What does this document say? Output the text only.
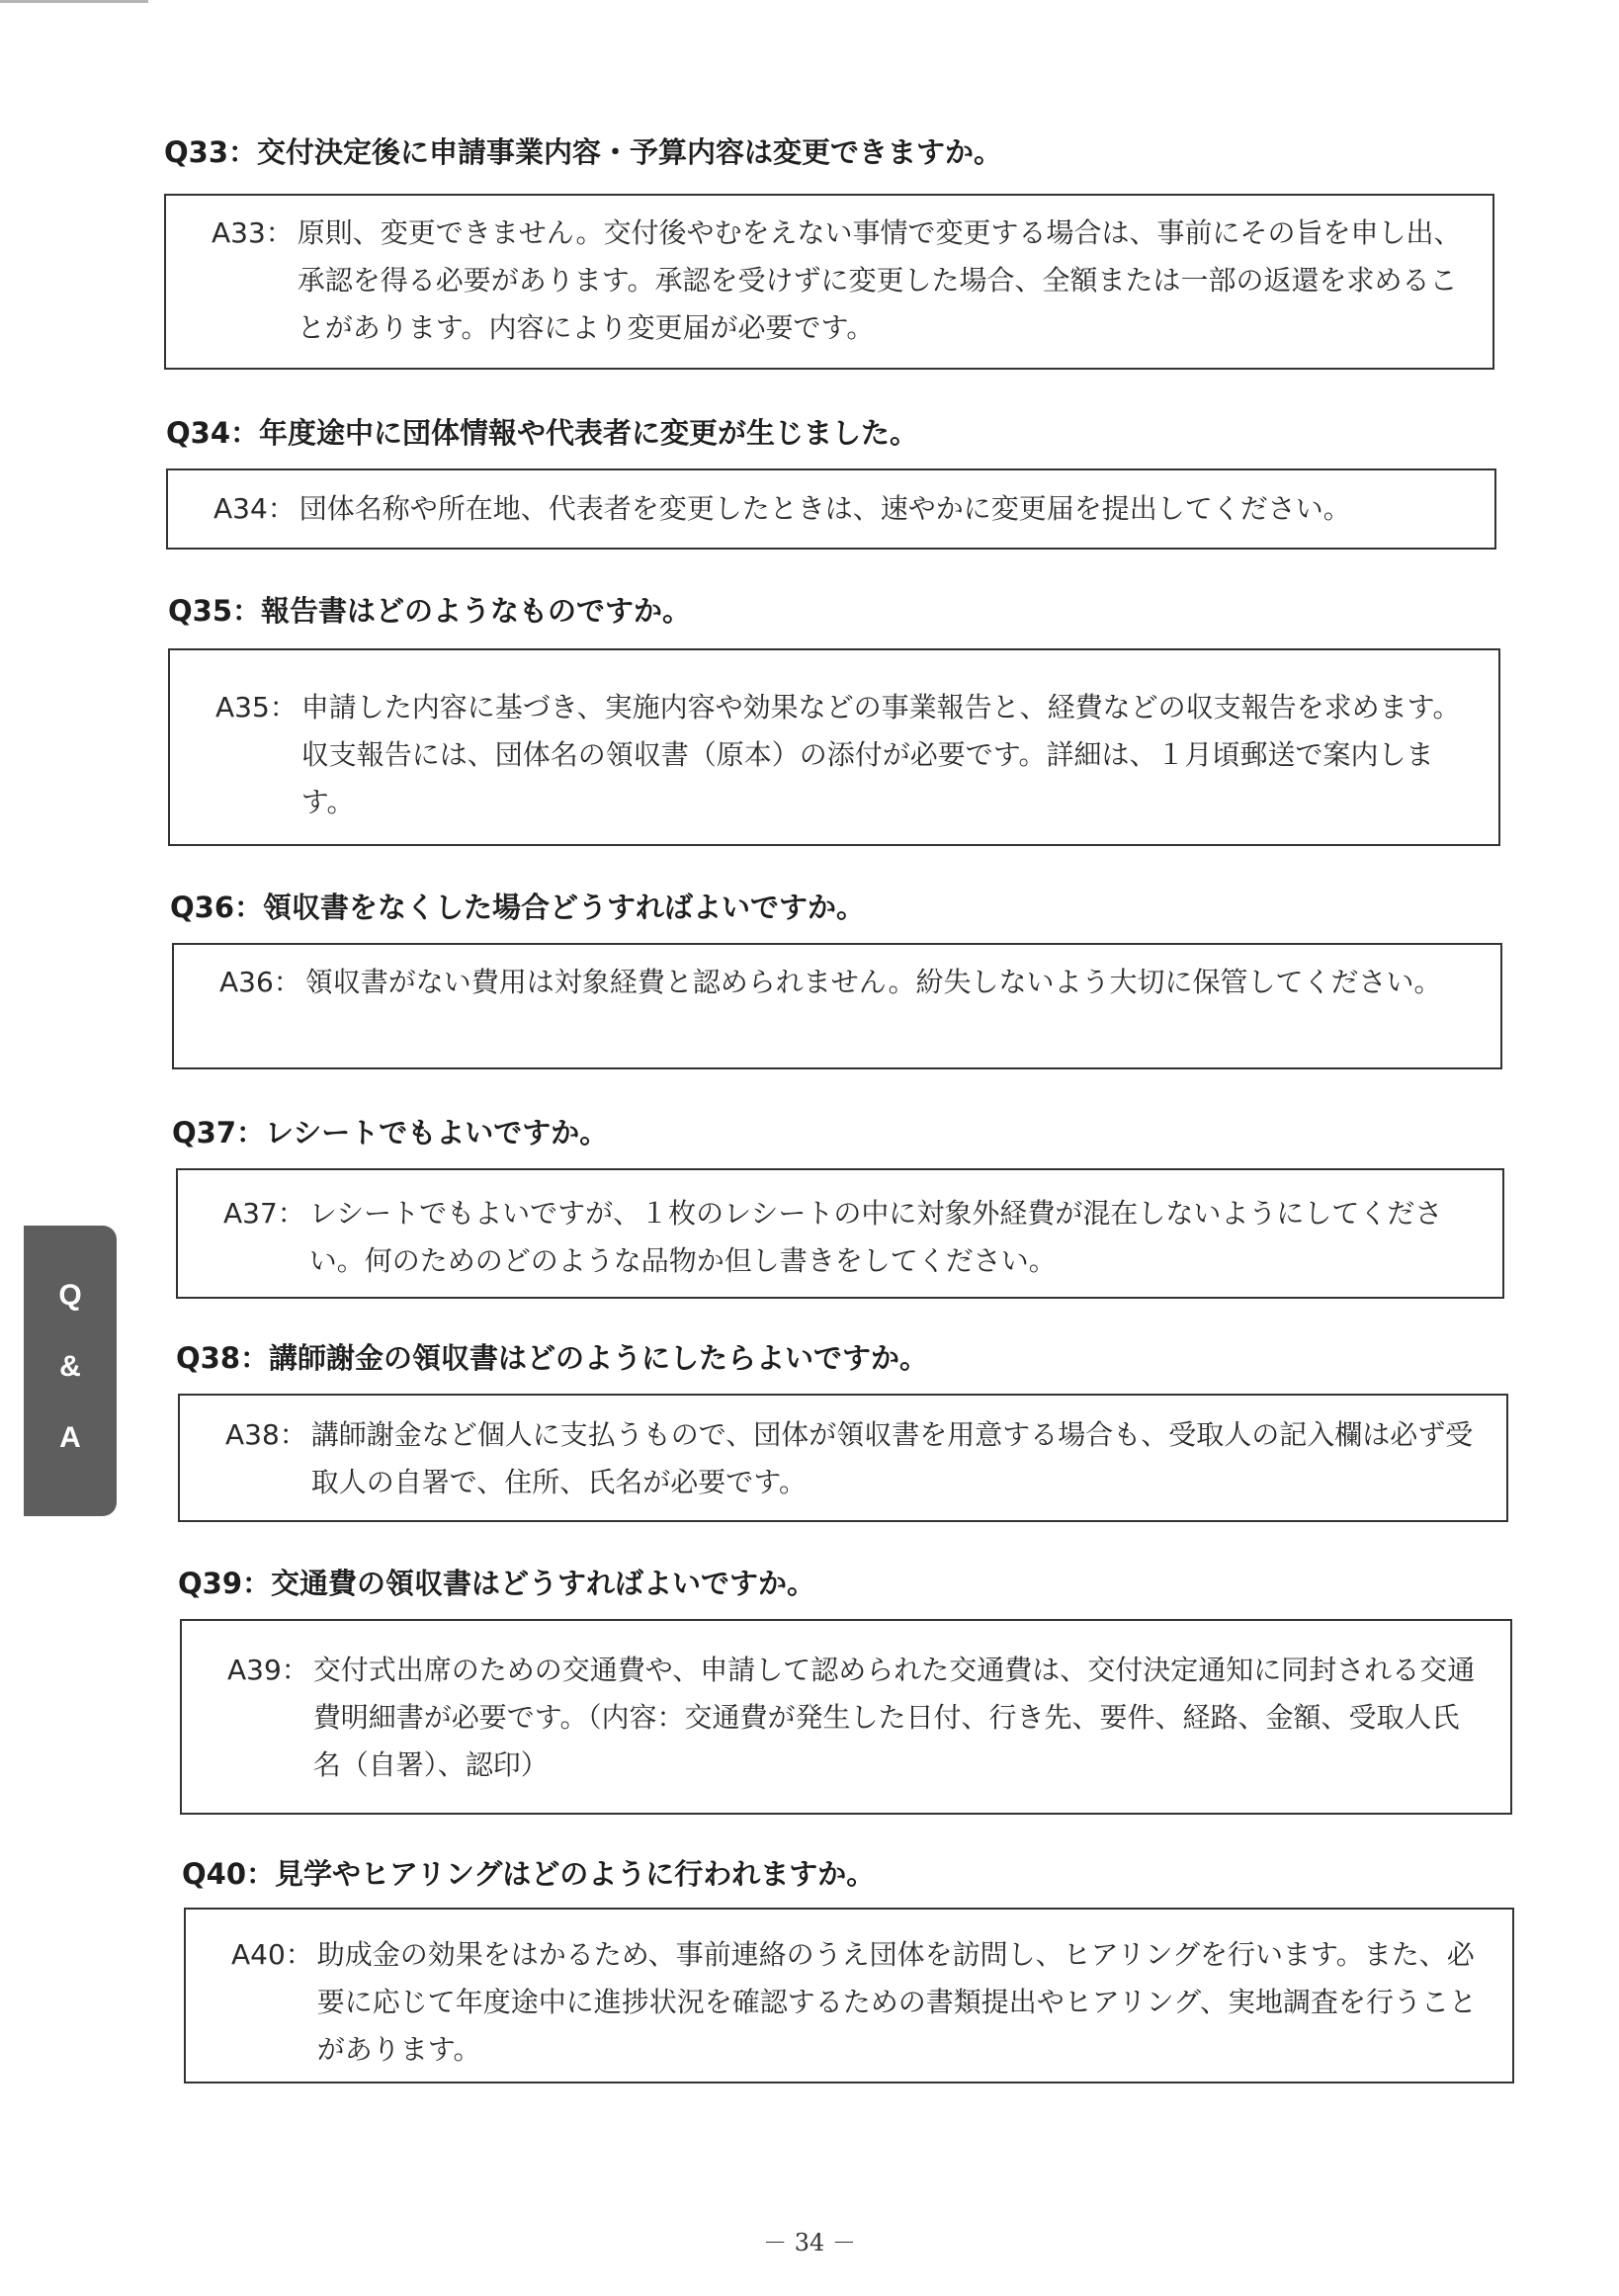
Q33：交付決定後に申請事業内容・予算内容は変更できますか。
A33： 原則、変更できません。交付後やむをえない事情で変更する場合は、事前にその旨を申し出、承認を得る必要があります。承認を受けずに変更した場合、全額または一部の返還を求めることがあります。内容により変更届が必要です。
Q34：年度途中に団体情報や代表者に変更が生じました。
A34： 団体名称や所在地、代表者を変更したときは、速やかに変更届を提出してください。
Q35：報告書はどのようなものですか。
A35： 申請した内容に基づき、実施内容や効果などの事業報告と、経費などの収支報告を求めます。収支報告には、団体名の領収書（原本）の添付が必要です。詳細は、１月頃郵送で案内します。
Q36：領収書をなくした場合どうすればよいですか。
A36： 領収書がない費用は対象経費と認められません。紛失しないよう大切に保管してください。
Q37：レシートでもよいですか。
A37： レシートでもよいですが、１枚のレシートの中に対象外経費が混在しないようにしてください。何のためのどのような品物か但し書きをしてください。
Q38：講師謝金の領収書はどのようにしたらよいですか。
A38： 講師謝金など個人に支払うもので、団体が領収書を用意する場合も、受取人の記入欄は必ず受取人の自署で、住所、氏名が必要です。
Q39：交通費の領収書はどうすればよいですか。
A39： 交付式出席のための交通費や、申請して認められた交通費は、交付決定通知に同封される交通費明細書が必要です。（内容：交通費が発生した日付、行き先、要件、経路、金額、受取人氏名（自署）、認印）
Q40：見学やヒアリングはどのように行われますか。
A40： 助成金の効果をはかるため、事前連絡のうえ団体を訪問し、ヒアリングを行います。また、必要に応じて年度途中に進捗状況を確認するための書類提出やヒアリング、実地調査を行うことがあります。
Q
&
A
－ 34 －
